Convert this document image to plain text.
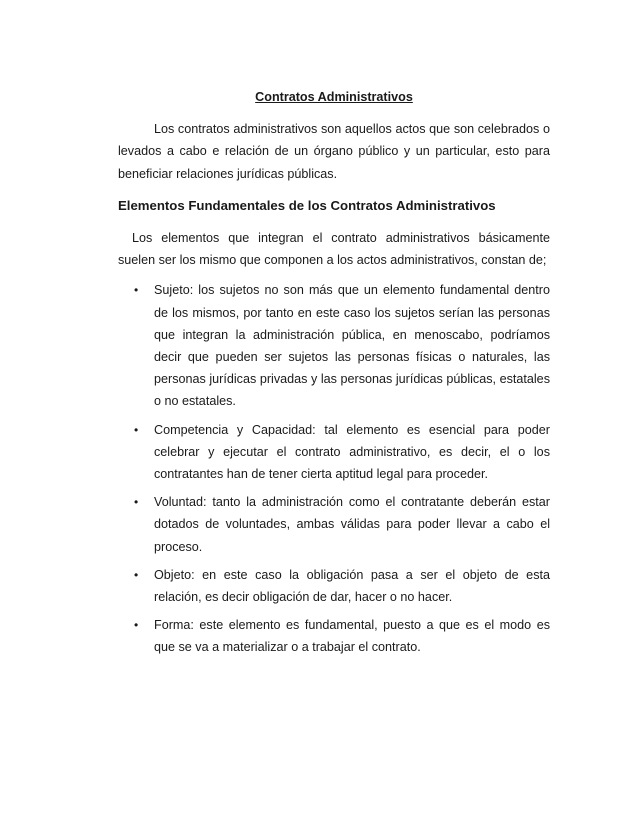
Contratos Administrativos

Los contratos administrativos son aquellos actos que son celebrados o levados a cabo e relación de un órgano público y un particular, esto para beneficiar relaciones jurídicas públicas.

Elementos Fundamentales de los Contratos Administrativos

Los elementos que integran el contrato administrativos básicamente suelen ser los mismo que componen a los actos administrativos, constan de;

• Sujeto: los sujetos no son más que un elemento fundamental dentro de los mismos, por tanto en este caso los sujetos serían las personas que integran la administración pública, en menoscabo, podríamos decir que pueden ser sujetos las personas físicas o naturales, las personas jurídicas privadas y las personas jurídicas públicas, estatales o no estatales.
• Competencia y Capacidad: tal elemento es esencial para poder celebrar y ejecutar el contrato administrativo, es decir, el o los contratantes han de tener cierta aptitud legal para proceder.
• Voluntad: tanto la administración como el contratante deberán estar dotados de voluntades, ambas válidas para poder llevar a cabo el proceso.
• Objeto: en este caso la obligación pasa a ser el objeto de esta relación, es decir obligación de dar, hacer o no hacer.
• Forma: este elemento es fundamental, puesto a que es el modo es que se va a materializar o a trabajar el contrato.
